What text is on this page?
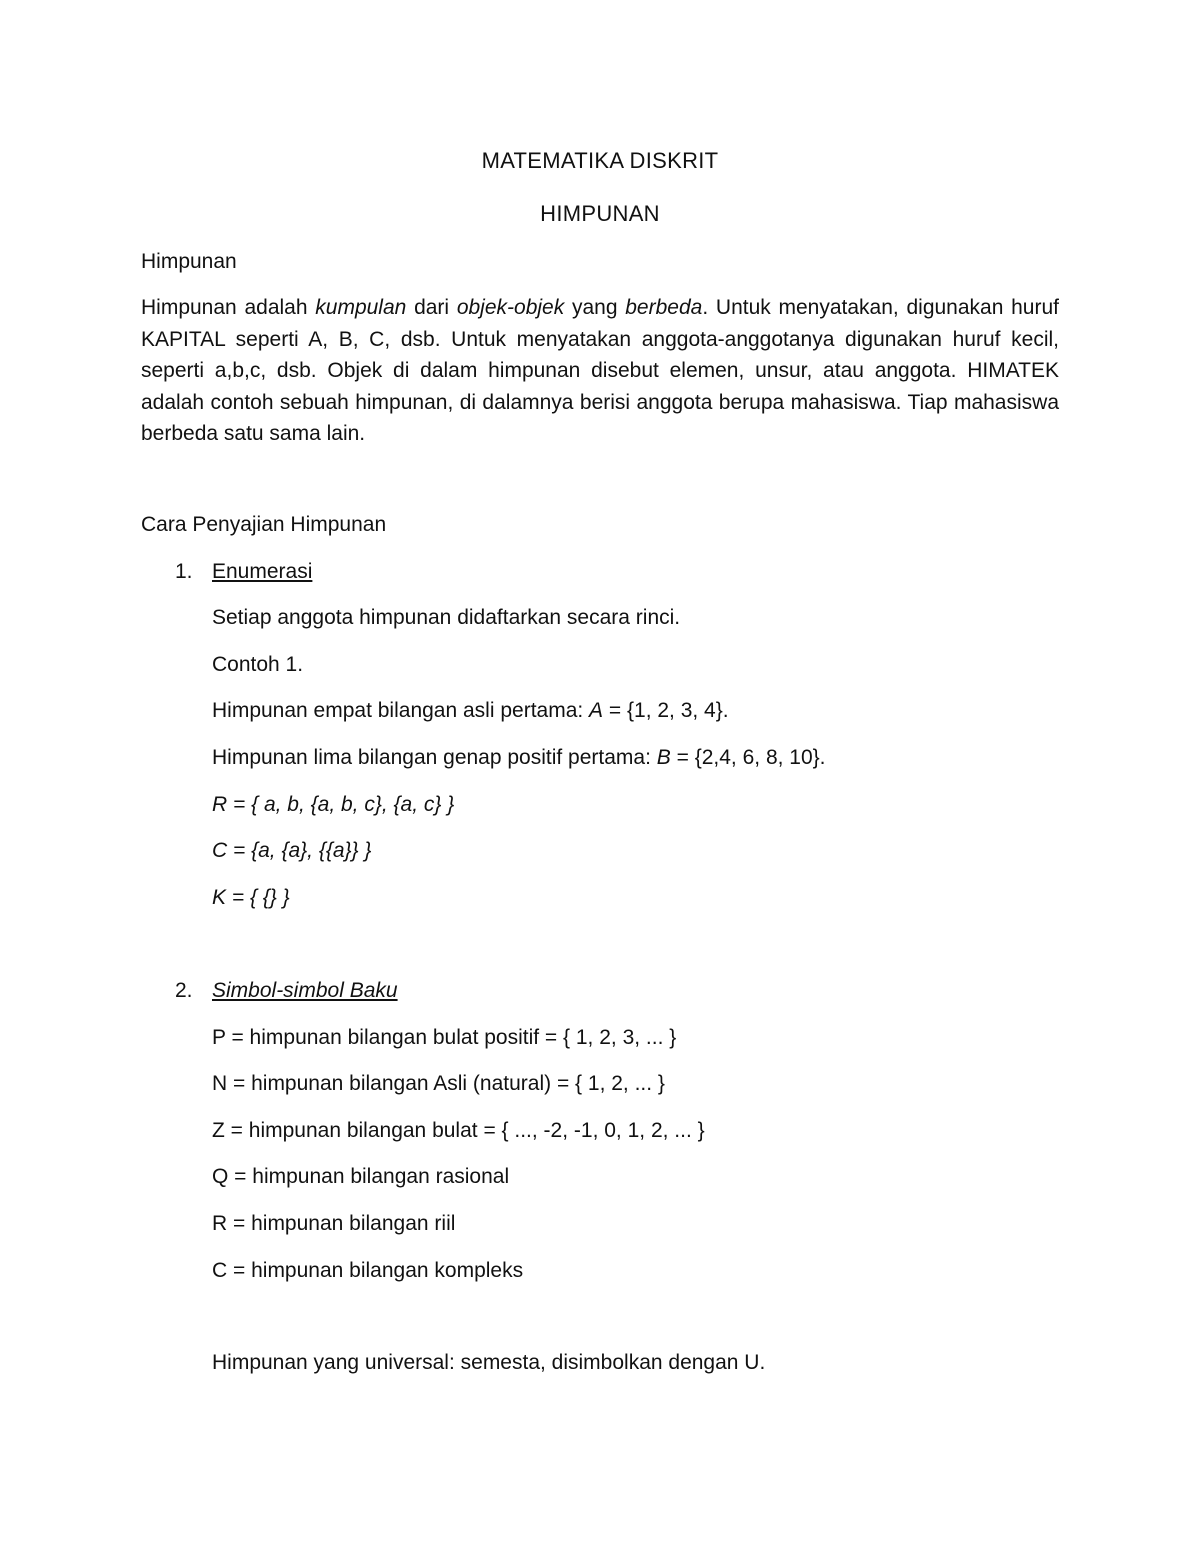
MATEMATIKA DISKRIT
HIMPUNAN
Himpunan
Himpunan adalah kumpulan dari objek-objek yang berbeda. Untuk menyatakan, digunakan huruf KAPITAL seperti A, B, C, dsb. Untuk menyatakan anggota-anggotanya digunakan huruf kecil, seperti a,b,c, dsb. Objek di dalam himpunan disebut elemen, unsur, atau anggota. HIMATEK adalah contoh sebuah himpunan, di dalamnya berisi anggota berupa mahasiswa. Tiap mahasiswa berbeda satu sama lain.
Cara Penyajian Himpunan
1. Enumerasi
Setiap anggota himpunan didaftarkan secara rinci.
Contoh 1.
Himpunan empat bilangan asli pertama: A = {1, 2, 3, 4}.
Himpunan lima bilangan genap positif pertama: B = {2,4, 6, 8, 10}.
R = { a, b, {a, b, c}, {a, c} }
C = {a, {a}, {{a}} }
K = { {} }
2. Simbol-simbol Baku
P = himpunan bilangan bulat positif = { 1, 2, 3, ... }
N = himpunan bilangan Asli (natural) = { 1, 2, ... }
Z = himpunan bilangan bulat = { ..., -2, -1, 0, 1, 2, ... }
Q = himpunan bilangan rasional
R = himpunan bilangan riil
C = himpunan bilangan kompleks
Himpunan yang universal: semesta, disimbolkan dengan U.
